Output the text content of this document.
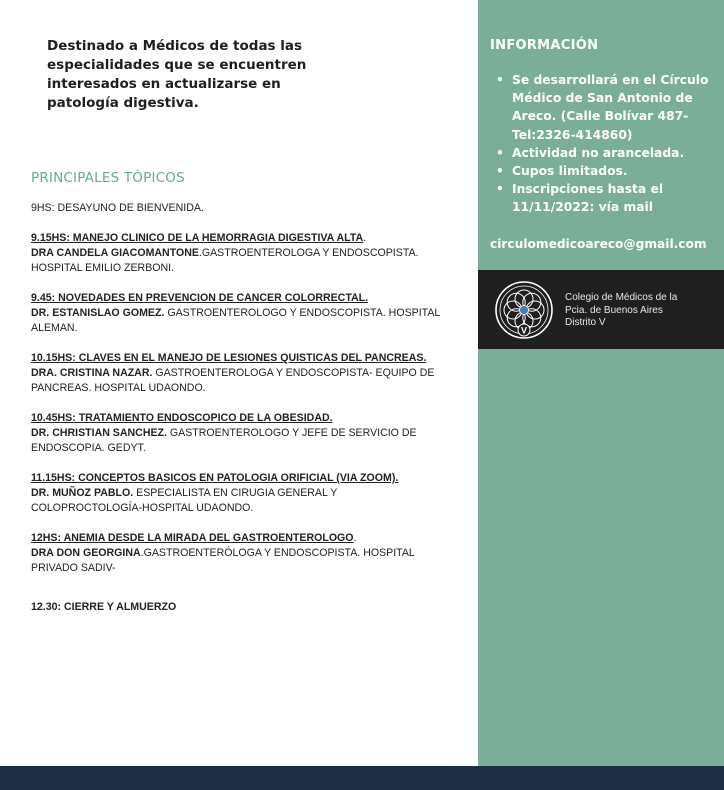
Destinado a Médicos de todas las especialidades que se encuentren interesados en actualizarse en patología digestiva.
PRINCIPALES TÓPICOS
9HS: DESAYUNO DE BIENVENIDA.
9.15HS: MANEJO CLINICO DE LA HEMORRAGIA DIGESTIVA ALTA.
DRA CANDELA GIACOMANTONE.GASTROENTEROLOGA Y ENDOSCOPISTA. HOSPITAL EMILIO ZERBONI.
9.45: NOVEDADES EN PREVENCION DE CANCER COLORRECTAL.
DR. ESTANISLAO GOMEZ. GASTROENTEROLOGO Y ENDOSCOPISTA. HOSPITAL ALEMAN.
10.15HS: CLAVES EN EL MANEJO DE LESIONES QUISTICAS DEL PANCREAS.
DRA. CRISTINA NAZAR. GASTROENTEROLOGA Y ENDOSCOPISTA- EQUIPO DE PANCREAS. HOSPITAL UDAONDO.
10.45HS: TRATAMIENTO ENDOSCOPICO DE LA OBESIDAD.
DR. CHRISTIAN SANCHEZ. GASTROENTEROLOGO Y JEFE DE SERVICIO DE ENDOSCOPIA. GEDYT.
11.15HS: CONCEPTOS BASICOS EN PATOLOGIA ORIFICIAL (VIA ZOOM).
DR. MUÑOZ PABLO. ESPECIALISTA EN CIRUGIA GENERAL Y COLOPROCTOLOGÍA-HOSPITAL UDAONDO.
12HS: ANEMIA DESDE LA MIRADA DEL GASTROENTEROLOGO.
DRA DON GEORGINA.GASTROENTERÓLOGA Y ENDOSCOPISTA. HOSPITAL PRIVADO SADIV-
12.30: CIERRE Y ALMUERZO
INFORMACIÓN
• Se desarrollará en el Círculo Médico de San Antonio de Areco. (Calle Bolívar 487- Tel:2326-414860)
• Actividad no arancelada.
• Cupos limitados.
• Inscripciones hasta el 11/11/2022: vía mail
circulomedicoareco@gmail.com
V
Colegio de Médicos de la
Pcia. de Buenos Aires
Distrito V
